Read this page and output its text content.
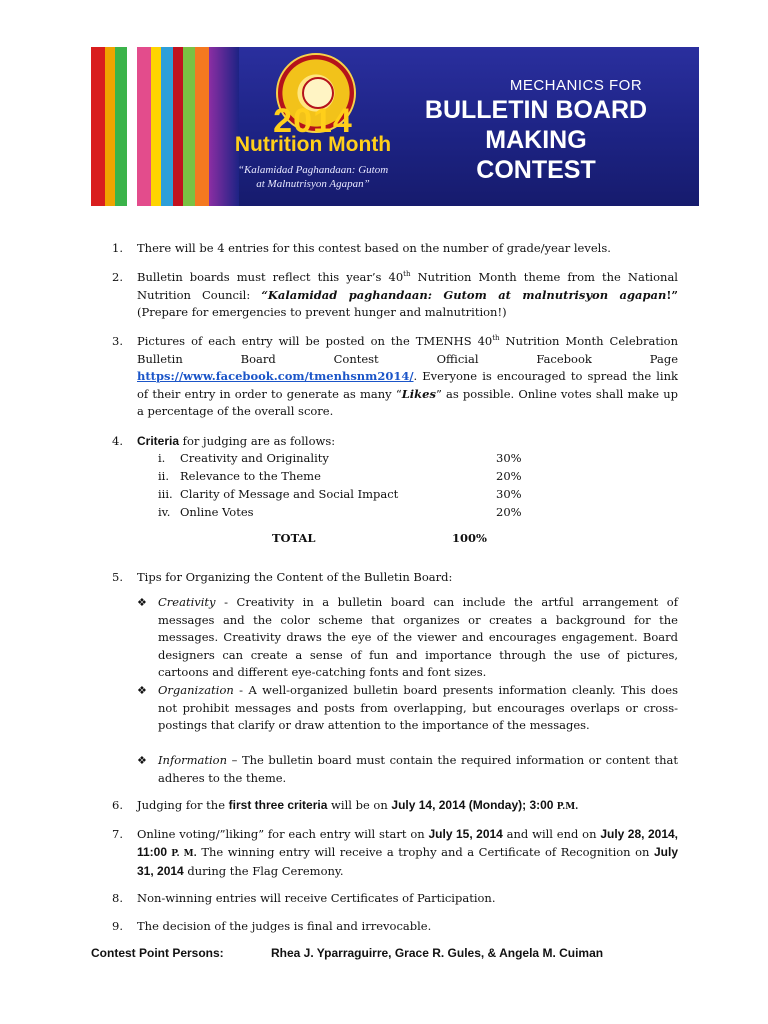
2014
Nutrition Month
“Kalamidad Paghandaan: Gutom
at Malnutrisyon Agapan”
MECHANICS FOR
BULLETIN BOARD MAKING
CONTEST
1.	There will be 4 entries for this contest based on the number of grade/year levels.
2.	Bulletin boards must reflect this year’s 40th Nutrition Month theme from the National Nutrition Council: “Kalamidad paghandaan: Gutom at malnutrisyon agapan!” (Prepare for emergencies to prevent hunger and malnutrition!)
3.	Pictures of each entry will be posted on the TMENHS 40th Nutrition Month Celebration Bulletin Board Contest Official Facebook Page https://www.facebook.com/tmenhsnm2014/. Everyone is encouraged to spread the link of their entry in order to generate as many “Likes” as possible. Online votes shall make up a percentage of the overall score.
4.	Criteria for judging are as follows:
i. Creativity and Originality	30%
ii. Relevance to the Theme	20%
iii. Clarity of Message and Social Impact	30%
iv. Online Votes	20%
TOTAL	100%
5.	Tips for Organizing the Content of the Bulletin Board:
❖ Creativity - Creativity in a bulletin board can include the artful arrangement of messages and the color scheme that organizes or creates a background for the messages. Creativity draws the eye of the viewer and encourages engagement. Board designers can create a sense of fun and importance through the use of pictures, cartoons and different eye-catching fonts and font sizes.
❖ Organization - A well-organized bulletin board presents information cleanly. This does not prohibit messages and posts from overlapping, but encourages overlaps or cross-postings that clarify or draw attention to the importance of the messages.
❖ Information – The bulletin board must contain the required information or content that adheres to the theme.
6.	Judging for the first three criteria will be on July 14, 2014 (Monday); 3:00 P.M.
7.	Online voting/”liking” for each entry will start on July 15, 2014 and will end on July 28, 2014, 11:00 P. M. The winning entry will receive a trophy and a Certificate of Recognition on July 31, 2014 during the Flag Ceremony.
8.	Non-winning entries will receive Certificates of Participation.
9.	The decision of the judges is final and irrevocable.
Contest Point Persons:	Rhea J. Yparraguirre, Grace R. Gules, & Angela M. Cuiman
